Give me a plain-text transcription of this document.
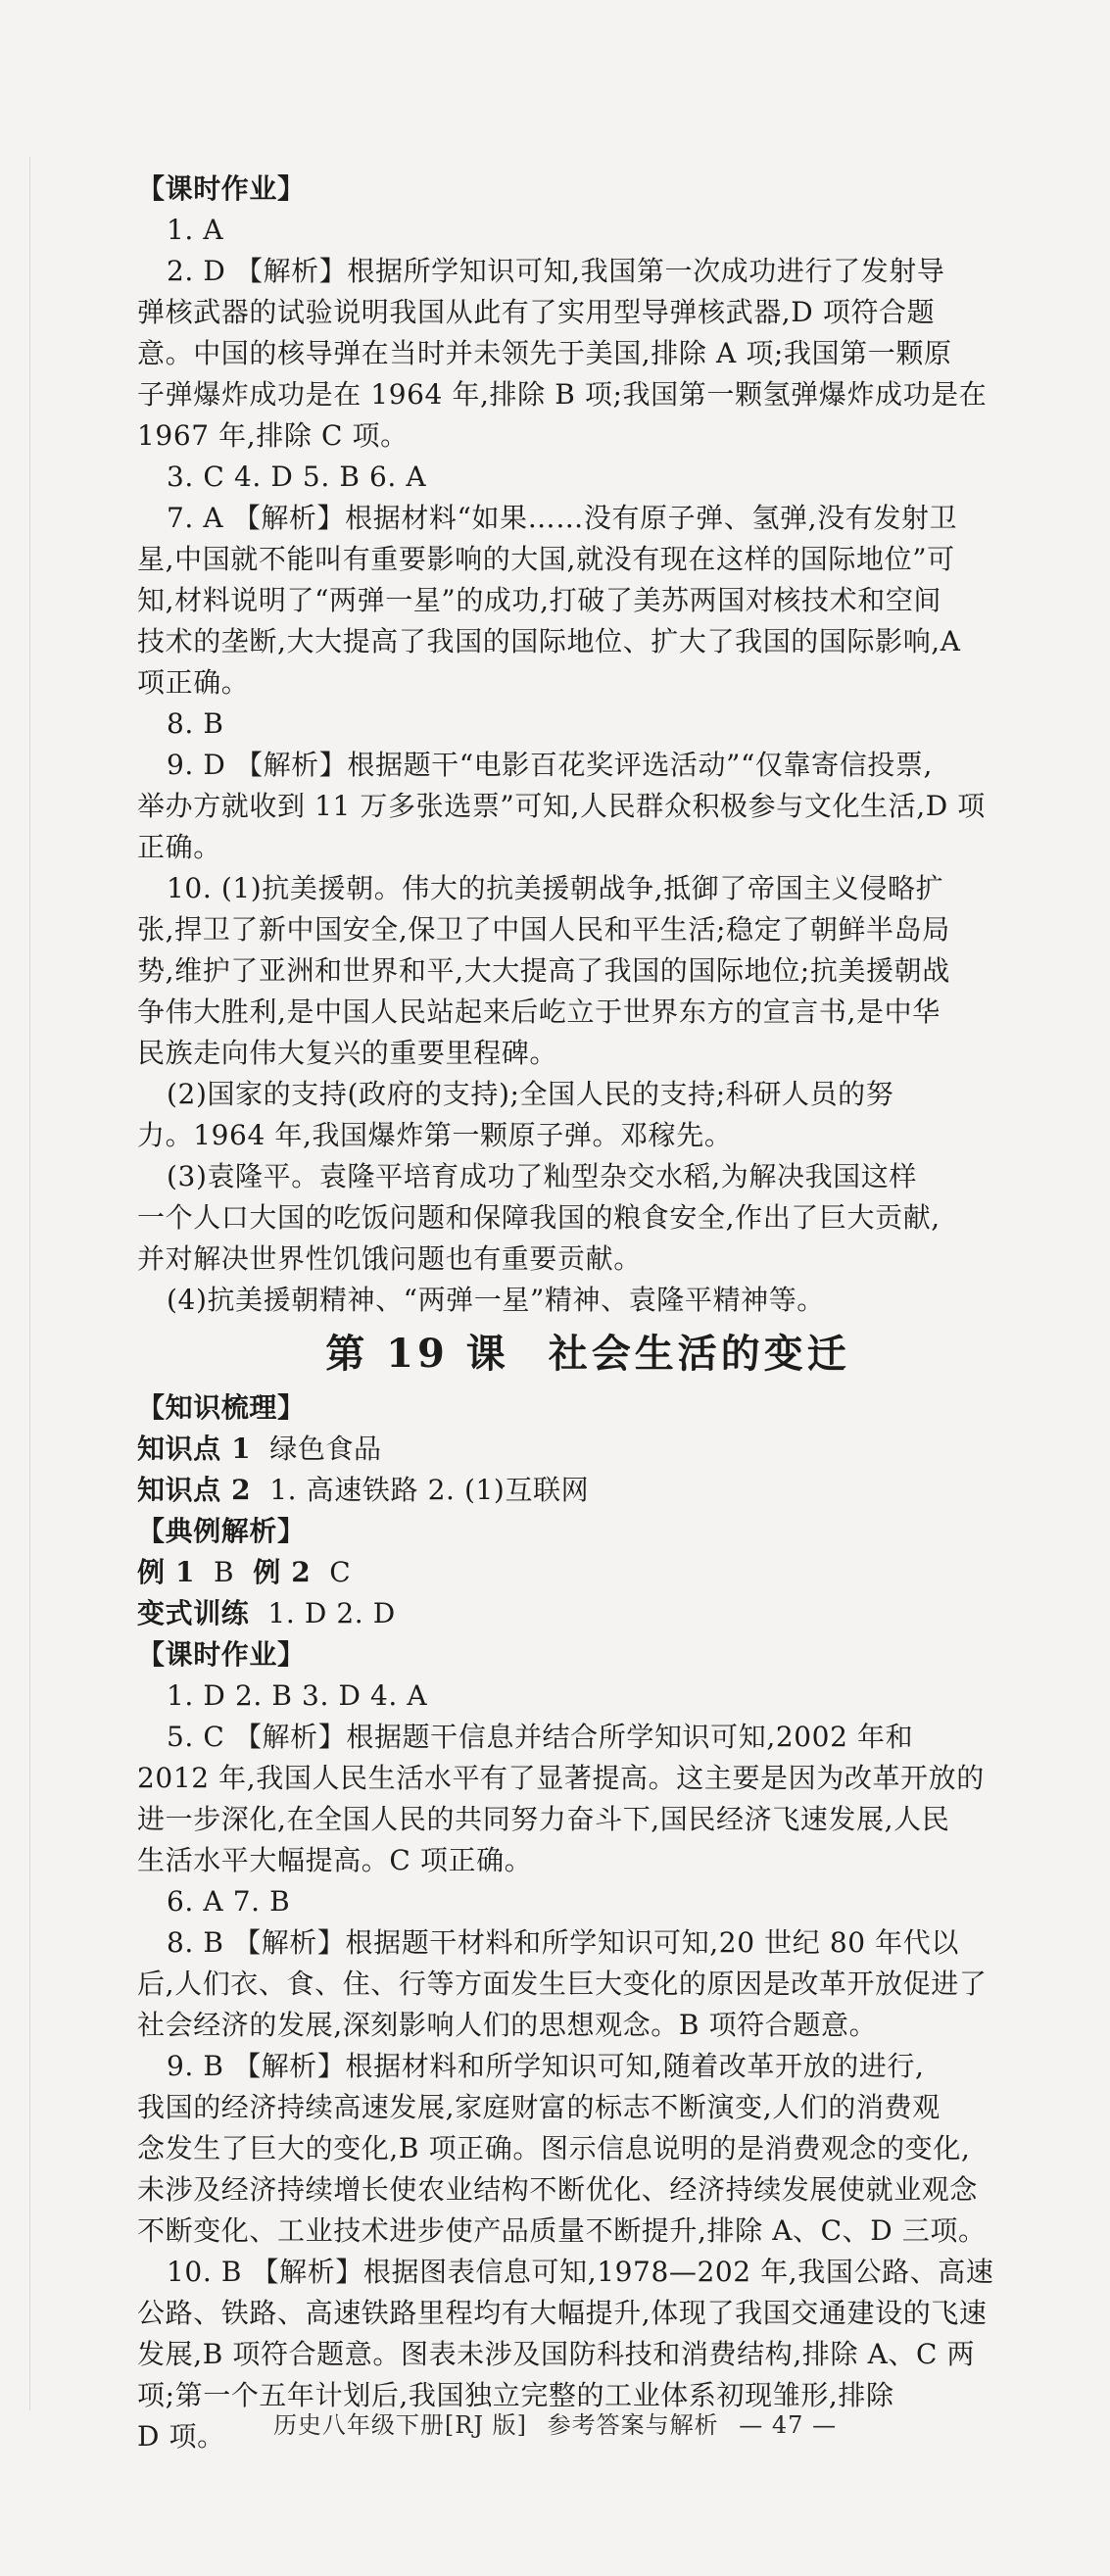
【课时作业】
1. A
2. D 【解析】根据所学知识可知,我国第一次成功进行了发射导
弹核武器的试验说明我国从此有了实用型导弹核武器,D 项符合题
意。中国的核导弹在当时并未领先于美国,排除 A 项;我国第一颗原
子弹爆炸成功是在 1964 年,排除 B 项;我国第一颗氢弹爆炸成功是在
1967 年,排除 C 项。
3. C 4. D 5. B 6. A
7. A 【解析】根据材料“如果……没有原子弹、氢弹,没有发射卫
星,中国就不能叫有重要影响的大国,就没有现在这样的国际地位”可
知,材料说明了“两弹一星”的成功,打破了美苏两国对核技术和空间
技术的垄断,大大提高了我国的国际地位、扩大了我国的国际影响,A
项正确。
8. B
9. D 【解析】根据题干“电影百花奖评选活动”“仅靠寄信投票,
举办方就收到 11 万多张选票”可知,人民群众积极参与文化生活,D 项
正确。
10. (1)抗美援朝。伟大的抗美援朝战争,抵御了帝国主义侵略扩
张,捍卫了新中国安全,保卫了中国人民和平生活;稳定了朝鲜半岛局
势,维护了亚洲和世界和平,大大提高了我国的国际地位;抗美援朝战
争伟大胜利,是中国人民站起来后屹立于世界东方的宣言书,是中华
民族走向伟大复兴的重要里程碑。
(2)国家的支持(政府的支持);全国人民的支持;科研人员的努
力。1964 年,我国爆炸第一颗原子弹。邓稼先。
(3)袁隆平。袁隆平培育成功了籼型杂交水稻,为解决我国这样
一个人口大国的吃饭问题和保障我国的粮食安全,作出了巨大贡献,
并对解决世界性饥饿问题也有重要贡献。
(4)抗美援朝精神、“两弹一星”精神、袁隆平精神等。
第 19 课 社会生活的变迁
【知识梳理】
知识点 1 绿色食品
知识点 2 1. 高速铁路 2. (1)互联网
【典例解析】
例 1 B 例 2 C
变式训练 1. D 2. D
【课时作业】
1. D 2. B 3. D 4. A
5. C 【解析】根据题干信息并结合所学知识可知,2002 年和
2012 年,我国人民生活水平有了显著提高。这主要是因为改革开放的
进一步深化,在全国人民的共同努力奋斗下,国民经济飞速发展,人民
生活水平大幅提高。C 项正确。
6. A 7. B
8. B 【解析】根据题干材料和所学知识可知,20 世纪 80 年代以
后,人们衣、食、住、行等方面发生巨大变化的原因是改革开放促进了
社会经济的发展,深刻影响人们的思想观念。B 项符合题意。
9. B 【解析】根据材料和所学知识可知,随着改革开放的进行,
我国的经济持续高速发展,家庭财富的标志不断演变,人们的消费观
念发生了巨大的变化,B 项正确。图示信息说明的是消费观念的变化,
未涉及经济持续增长使农业结构不断优化、经济持续发展使就业观念
不断变化、工业技术进步使产品质量不断提升,排除 A、C、D 三项。
10. B 【解析】根据图表信息可知,1978—202 年,我国公路、高速
公路、铁路、高速铁路里程均有大幅提升,体现了我国交通建设的飞速
发展,B 项符合题意。图表未涉及国防科技和消费结构,排除 A、C 两
项;第一个五年计划后,我国独立完整的工业体系初现雏形,排除
D 项。	历史八年级下册[RJ 版] 参考答案与解析 — 47 —
